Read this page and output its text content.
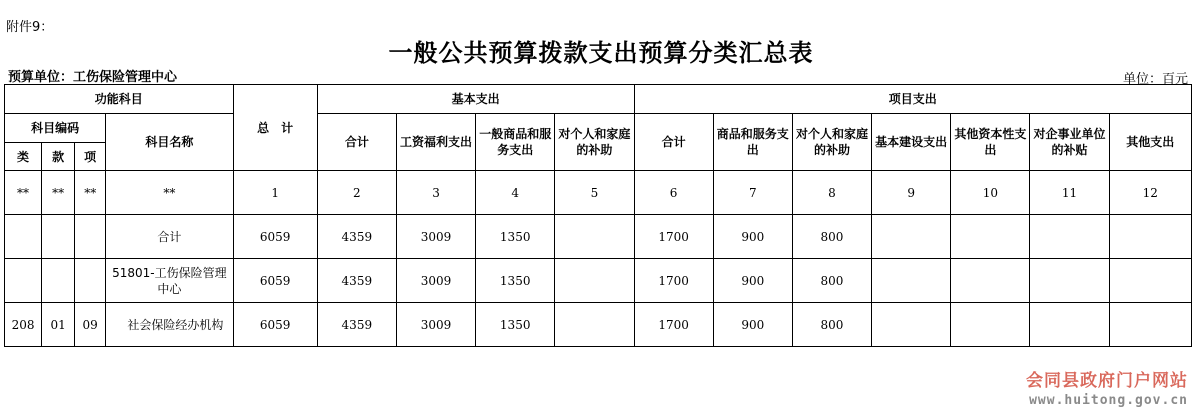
附件9：
一般公共预算拨款支出预算分类汇总表
预算单位：工伤保险管理中心	单位：百元
功能科目				总　计	基本支出				项目支出						
科目编码			科目名称		合计	工资福利支出	一般商品和服务支出	对个人和家庭的补助	合计	商品和服务支出	对个人和家庭的补助	基本建设支出	其他资本性支出	对企事业单位的补贴	其他支出
类	款	项													
**	**	**	**	1	2	3	4	5	6	7	8	9	10	11	12
			合计	6059	4359	3009	1350		1700	900	800				
			51801-工伤保险管理中心	6059	4359	3009	1350		1700	900	800				
208	01	09	　社会保险经办机构	6059	4359	3009	1350		1700	900	800				
会同县政府门户网站
www.huitong.gov.cn
